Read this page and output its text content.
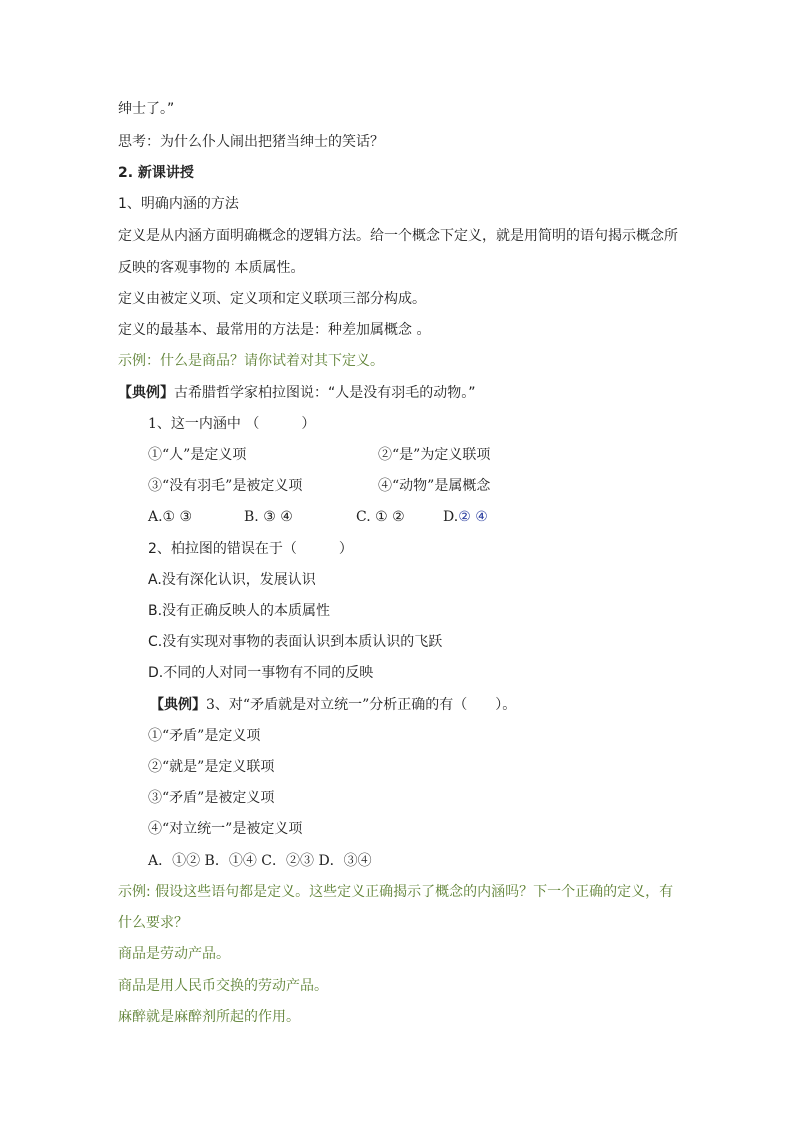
绅士了。”
思考：为什么仆人闹出把猪当绅士的笑话？
2. 新课讲授
1、明确内涵的方法
定义是从内涵方面明确概念的逻辑方法。给一个概念下定义，就是用简明的语句揭示概念所
反映的客观事物的 本质属性。
定义由被定义项、定义项和定义联项三部分构成。
定义的最基本、最常用的方法是：种差加属概念 。
示例：什么是商品？请你试着对其下定义。
【典例】古希腊哲学家柏拉图说：“人是没有羽毛的动物。”
1、这一内涵中 （　　　）
①“人”是定义项	②“是”为定义联项
③“没有羽毛”是被定义项	④“动物”是属概念
A.① ③	B. ③ ④	C. ① ②	D.② ④
2、柏拉图的错误在于（　　　）
A.没有深化认识，发展认识
B.没有正确反映人的本质属性
C.没有实现对事物的表面认识到本质认识的飞跃
D.不同的人对同一事物有不同的反映
【典例】3、对“矛盾就是对立统一”分析正确的有（　　）。
①“矛盾”是定义项
②“就是”是定义联项
③“矛盾”是被定义项
④“对立统一”是被定义项
A．①② B．①④ C．②③ D．③④
示例: 假设这些语句都是定义。这些定义正确揭示了概念的内涵吗？下一个正确的定义，有
什么要求？
商品是劳动产品。
商品是用人民币交换的劳动产品。
麻醉就是麻醉剂所起的作用。
